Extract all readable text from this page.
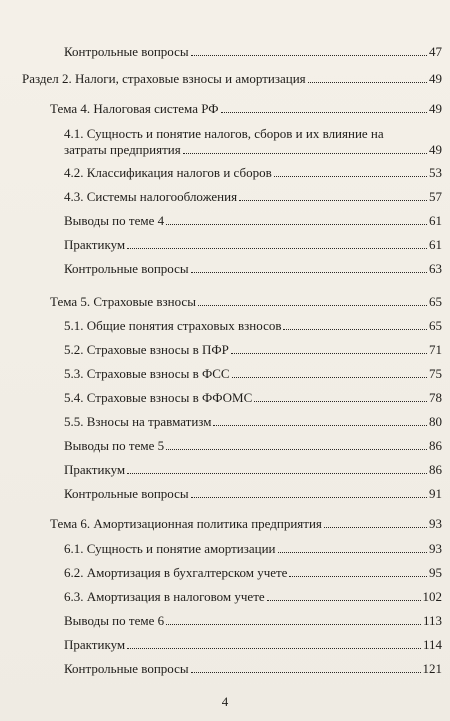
Контрольные вопросы	47
Раздел 2. Налоги, страховые взносы и амортизация	49
Тема 4. Налоговая система РФ	49
4.1. Сущность и понятие налогов, сборов и их влияние на
затраты предприятия	49
4.2. Классификация налогов и сборов	53
4.3. Системы налогообложения	57
Выводы по теме 4	61
Практикум	61
Контрольные вопросы	63
Тема 5. Страховые взносы	65
5.1. Общие понятия страховых взносов	65
5.2. Страховые взносы в ПФР	71
5.3. Страховые взносы в ФСС	75
5.4. Страховые взносы в ФФОМС	78
5.5. Взносы на травматизм	80
Выводы по теме 5	86
Практикум	86
Контрольные вопросы	91
Тема 6. Амортизационная политика предприятия	93
6.1. Сущность и понятие амортизации	93
6.2. Амортизация в бухгалтерском учете	95
6.3. Амортизация в налоговом учете	102
Выводы по теме 6	113
Практикум	114
Контрольные вопросы	121
4
